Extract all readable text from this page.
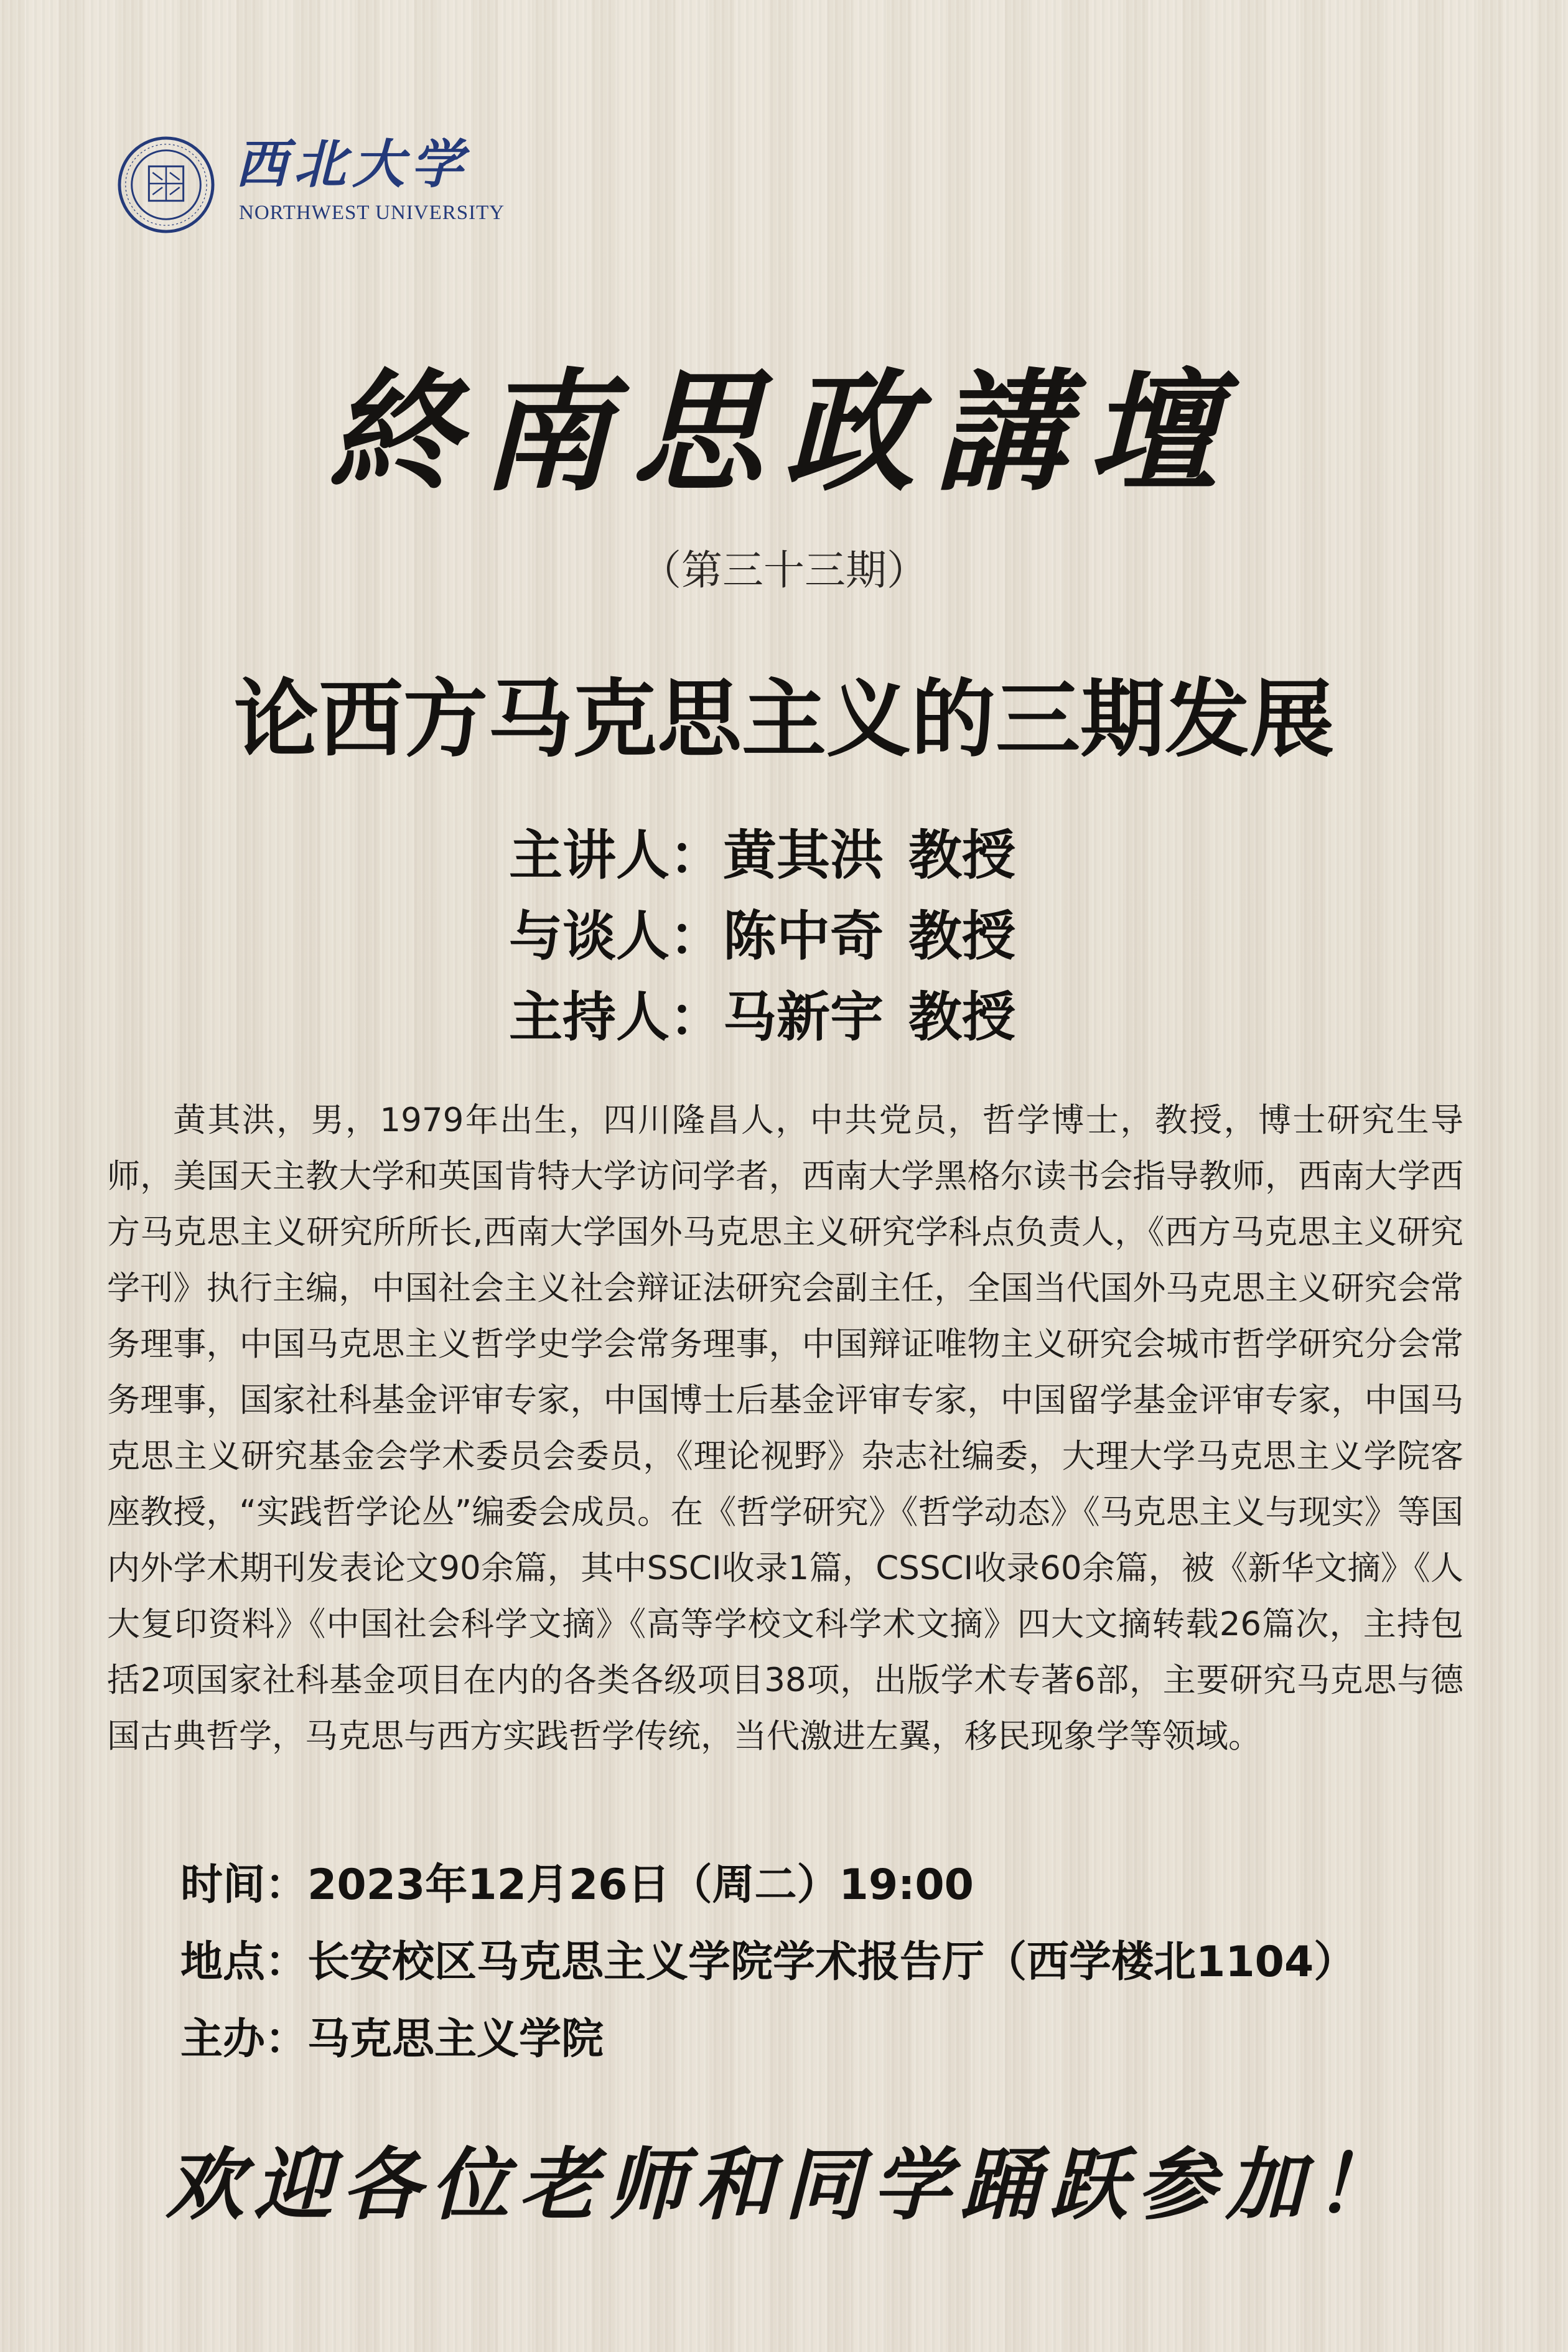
西北大学
NORTHWEST UNIVERSITY
終南思政講壇
（第三十三期）
论西方马克思主义的三期发展
主讲人：黄其洪 教授
与谈人：陈中奇 教授
主持人：马新宇 教授

黄其洪，男，1979年出生，四川隆昌人，中共党员，哲学博士，教授，博士研究生导师，美国天主教大学和英国肯特大学访问学者，西南大学黑格尔读书会指导教师，西南大学西方马克思主义研究所所长,西南大学国外马克思主义研究学科点负责人，《西方马克思主义研究学刊》执行主编，中国社会主义社会辩证法研究会副主任，全国当代国外马克思主义研究会常务理事，中国马克思主义哲学史学会常务理事，中国辩证唯物主义研究会城市哲学研究分会常务理事，国家社科基金评审专家，中国博士后基金评审专家，中国留学基金评审专家，中国马克思主义研究基金会学术委员会委员，《理论视野》杂志社编委，大理大学马克思主义学院客座教授，“实践哲学论丛”编委会成员。在《哲学研究》《哲学动态》《马克思主义与现实》等国内外学术期刊发表论文90余篇，其中SSCI收录1篇，CSSCI收录60余篇，被《新华文摘》《人大复印资料》《中国社会科学文摘》《高等学校文科学术文摘》四大文摘转载26篇次，主持包括2项国家社科基金项目在内的各类各级项目38项，出版学术专著6部，主要研究马克思与德国古典哲学，马克思与西方实践哲学传统，当代激进左翼，移民现象学等领域。

时间：2023年12月26日（周二）19:00
地点：长安校区马克思主义学院学术报告厅（西学楼北1104）
主办：马克思主义学院
欢迎各位老师和同学踊跃参加！
